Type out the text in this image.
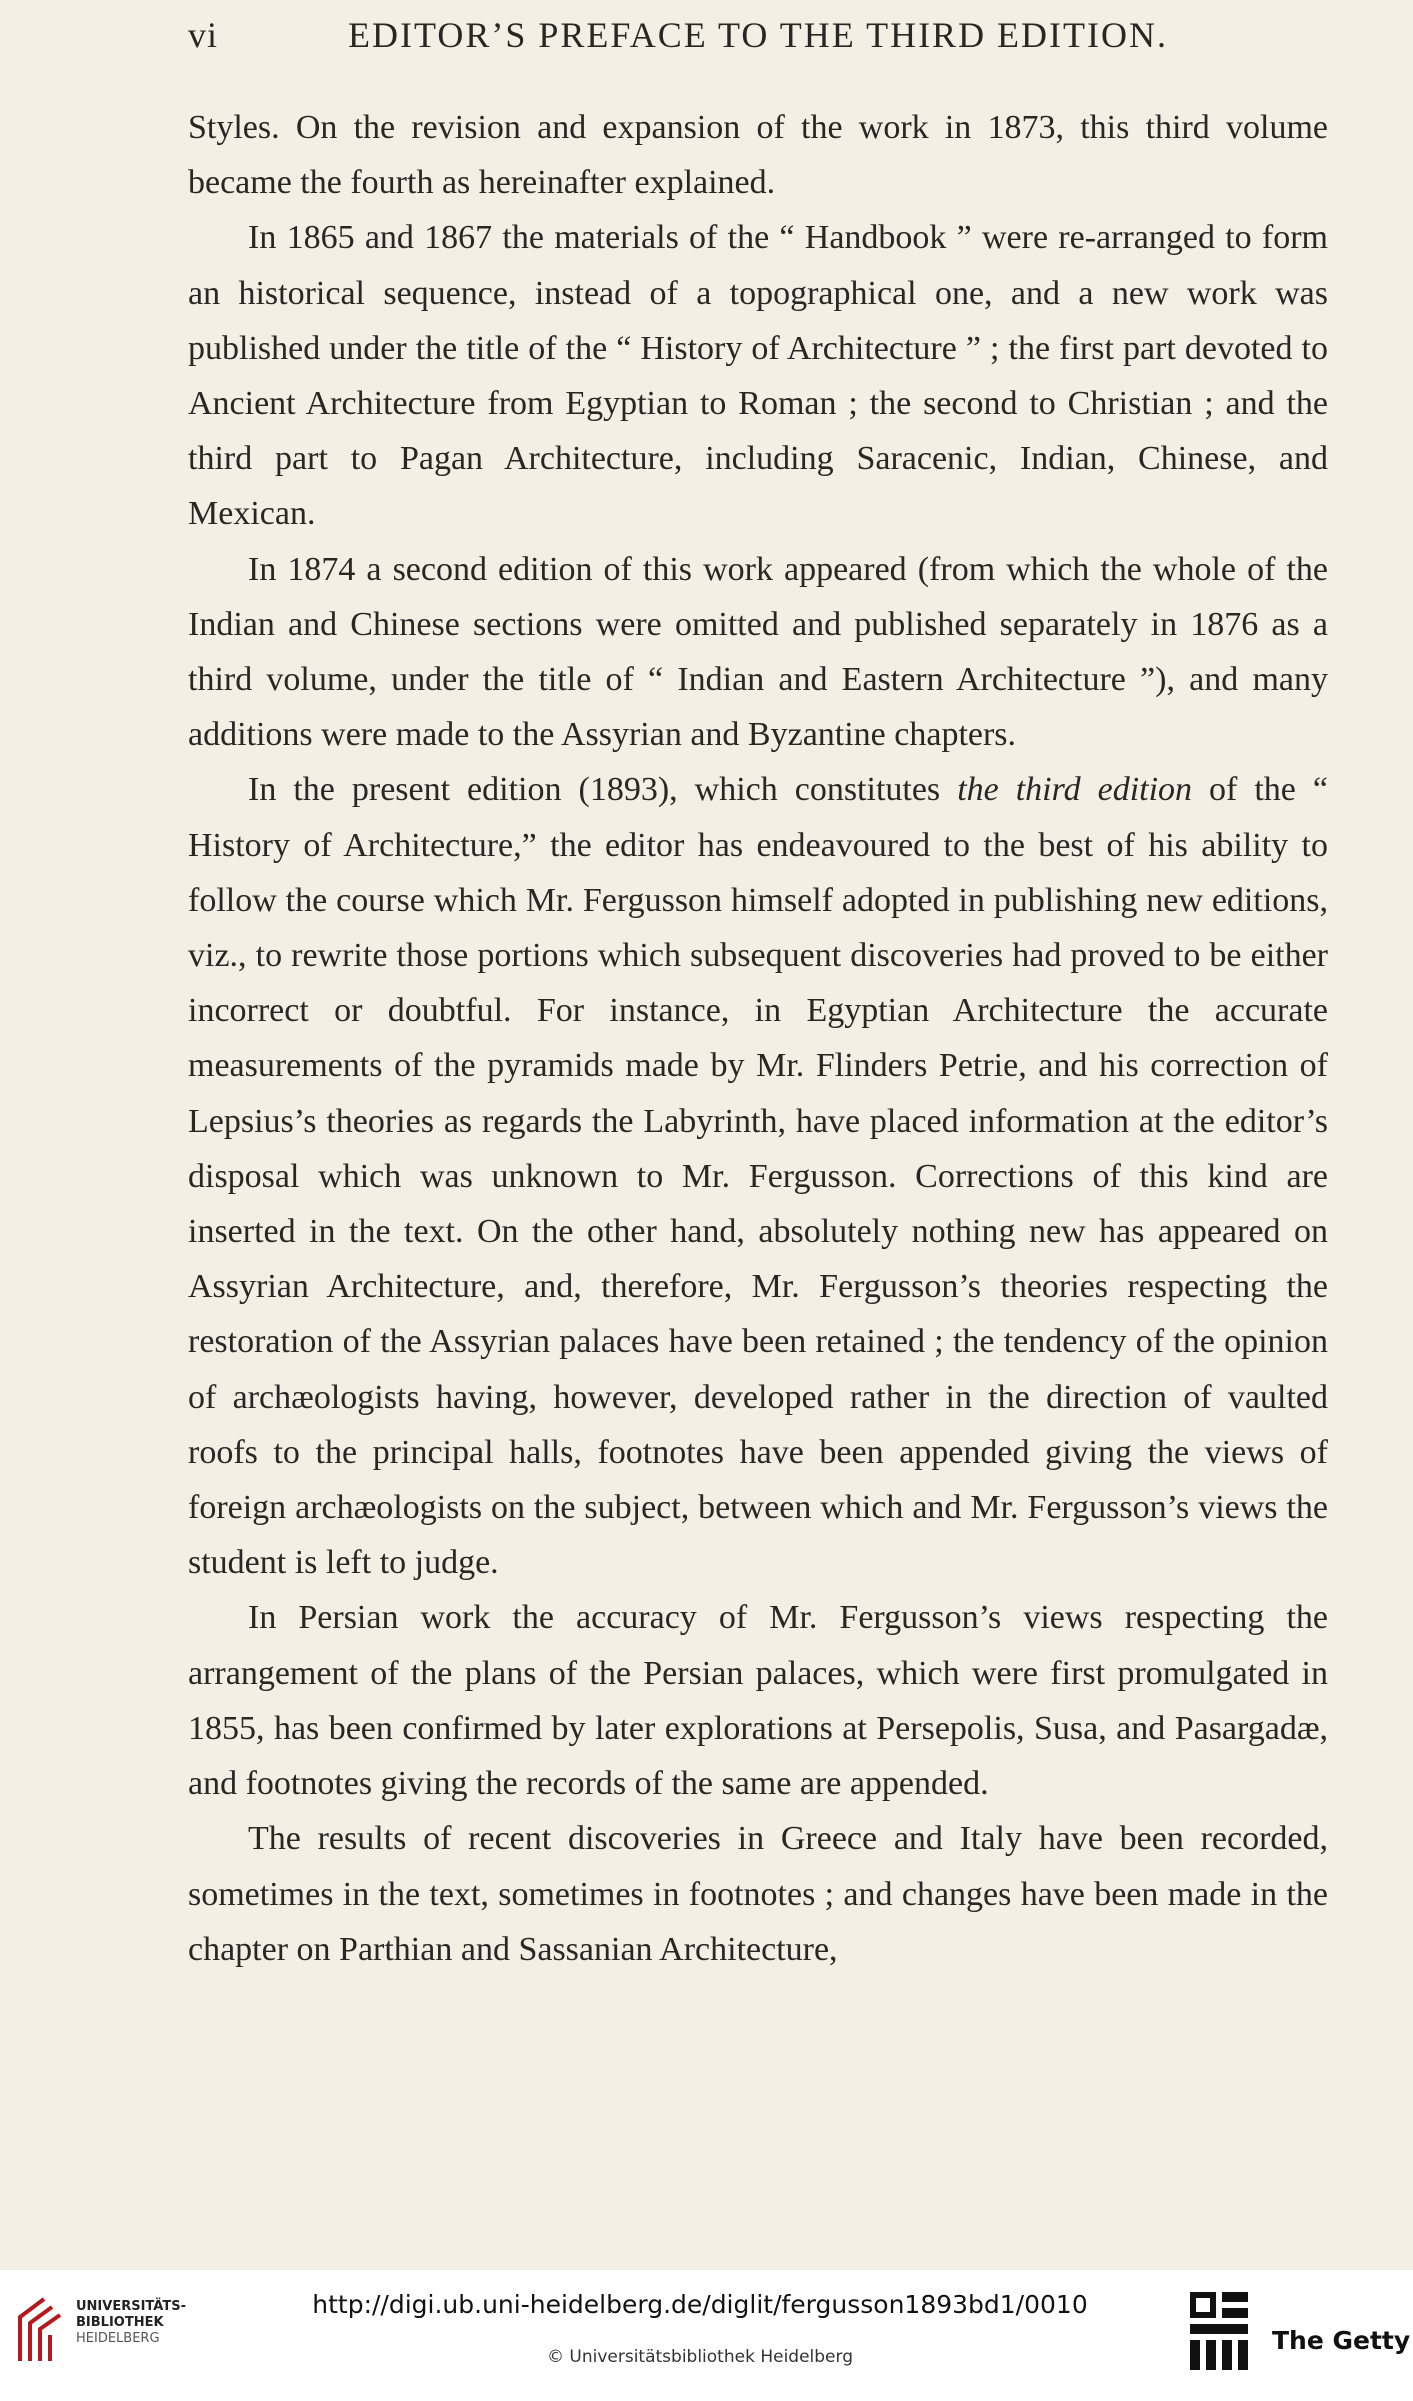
vi	EDITOR’S PREFACE TO THE THIRD EDITION.

Styles. On the revision and expansion of the work in 1873, this third volume became the fourth as hereinafter explained.

In 1865 and 1867 the materials of the “ Handbook ” were re-arranged to form an historical sequence, instead of a topographical one, and a new work was published under the title of the “ History of Architecture ” ; the first part devoted to Ancient Architecture from Egyptian to Roman ; the second to Christian ; and the third part to Pagan Architecture, including Saracenic, Indian, Chinese, and Mexican.

In 1874 a second edition of this work appeared (from which the whole of the Indian and Chinese sections were omitted and published separately in 1876 as a third volume, under the title of “ Indian and Eastern Architecture ”), and many additions were made to the Assyrian and Byzantine chapters.

In the present edition (1893), which constitutes the third edition of the “ History of Architecture,” the editor has endeavoured to the best of his ability to follow the course which Mr. Fergusson himself adopted in publishing new editions, viz., to rewrite those portions which subsequent discoveries had proved to be either incorrect or doubtful. For instance, in Egyptian Architecture the accurate measurements of the pyramids made by Mr. Flinders Petrie, and his correction of Lepsius’s theories as regards the Labyrinth, have placed information at the editor’s disposal which was unknown to Mr. Fergusson. Corrections of this kind are inserted in the text. On the other hand, absolutely nothing new has appeared on Assyrian Architecture, and, therefore, Mr. Fergusson’s theories respecting the restoration of the Assyrian palaces have been retained ; the tendency of the opinion of archæologists having, however, developed rather in the direction of vaulted roofs to the principal halls, footnotes have been appended giving the views of foreign archæologists on the subject, between which and Mr. Fergusson’s views the student is left to judge.

In Persian work the accuracy of Mr. Fergusson’s views respecting the arrangement of the plans of the Persian palaces, which were first promulgated in 1855, has been confirmed by later explorations at Persepolis, Susa, and Pasargadæ, and footnotes giving the records of the same are appended.

The results of recent discoveries in Greece and Italy have been recorded, sometimes in the text, sometimes in footnotes ; and changes have been made in the chapter on Parthian and Sassanian Architecture,

UNIVERSITÄTS-
BIBLIOTHEK
HEIDELBERG
http://digi.ub.uni-heidelberg.de/diglit/fergusson1893bd1/0010
© Universitätsbibliothek Heidelberg
The Getty
